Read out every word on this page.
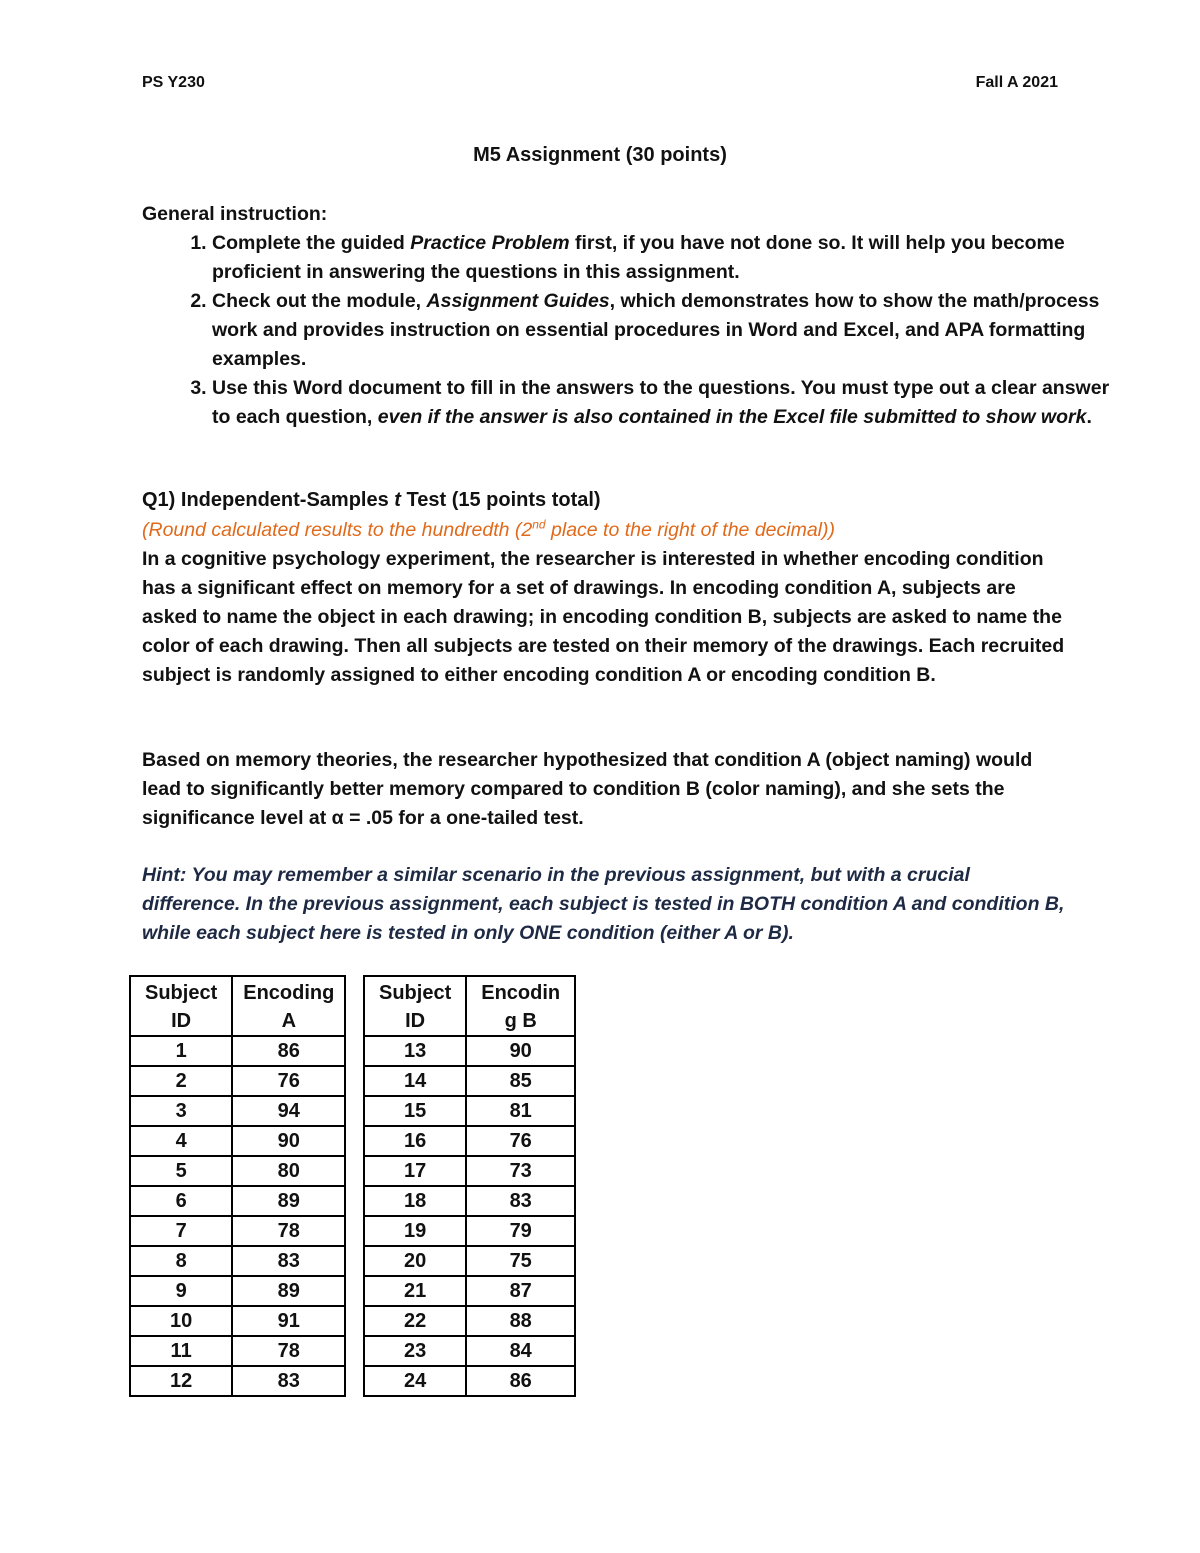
PS Y230	Fall A 2021
M5 Assignment (30 points)
General instruction:
1. Complete the guided Practice Problem first, if you have not done so. It will help you become proficient in answering the questions in this assignment.
2. Check out the module, Assignment Guides, which demonstrates how to show the math/process work and provides instruction on essential procedures in Word and Excel, and APA formatting examples.
3. Use this Word document to fill in the answers to the questions. You must type out a clear answer to each question, even if the answer is also contained in the Excel file submitted to show work.
Q1) Independent-Samples t Test (15 points total)
(Round calculated results to the hundredth (2nd place to the right of the decimal))
In a cognitive psychology experiment, the researcher is interested in whether encoding condition has a significant effect on memory for a set of drawings. In encoding condition A, subjects are asked to name the object in each drawing; in encoding condition B, subjects are asked to name the color of each drawing. Then all subjects are tested on their memory of the drawings. Each recruited subject is randomly assigned to either encoding condition A or encoding condition B.
Based on memory theories, the researcher hypothesized that condition A (object naming) would lead to significantly better memory compared to condition B (color naming), and she sets the significance level at α = .05 for a one-tailed test.
Hint: You may remember a similar scenario in the previous assignment, but with a crucial difference. In the previous assignment, each subject is tested in BOTH condition A and condition B, while each subject here is tested in only ONE condition (either A or B).
Subject ID	Encoding A
1	86
2	76
3	94
4	90
5	80
6	89
7	78
8	83
9	89
10	91
11	78
12	83
Subject ID	Encodin g B
13	90
14	85
15	81
16	76
17	73
18	83
19	79
20	75
21	87
22	88
23	84
24	86
